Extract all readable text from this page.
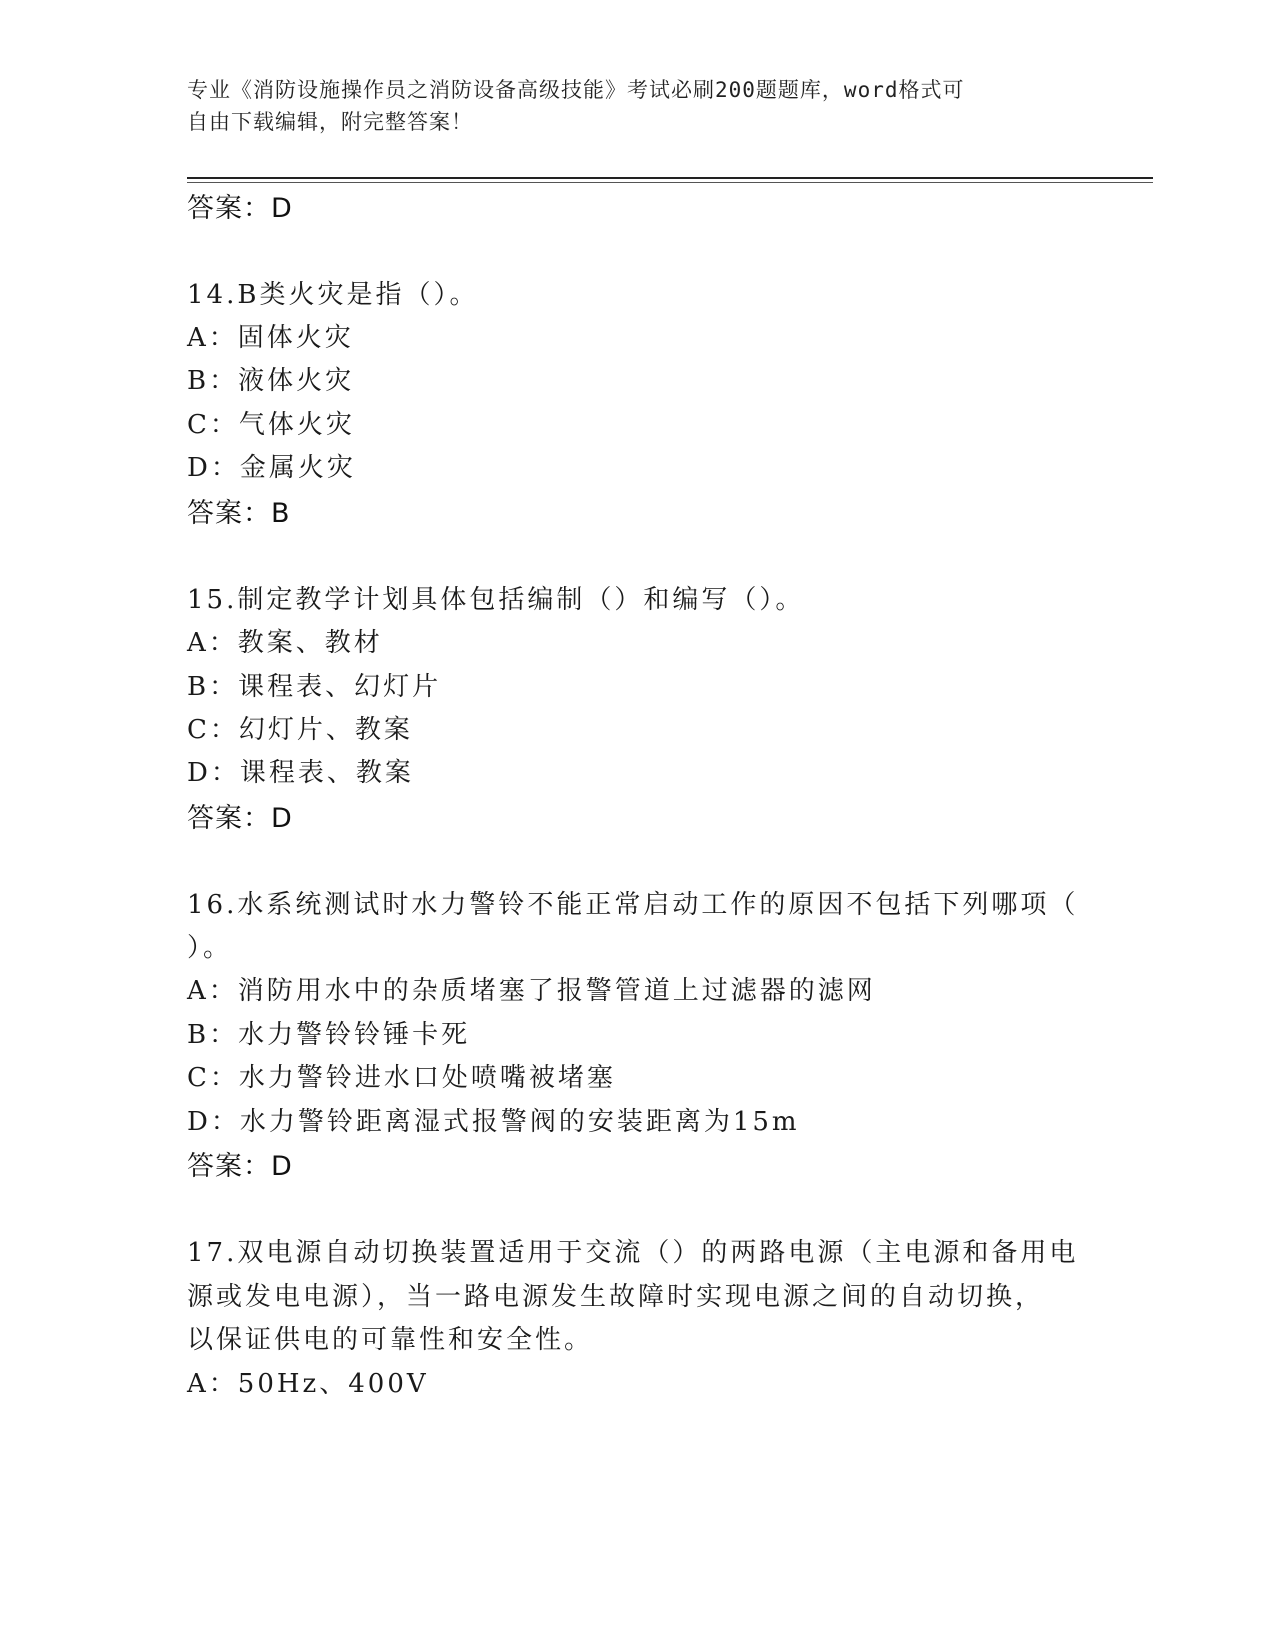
专业《消防设施操作员之消防设备高级技能》考试必刷200题题库，word格式可
自由下载编辑，附完整答案！
答案：D
14.B类火灾是指（）。
A：固体火灾
B：液体火灾
C：气体火灾
D：金属火灾
答案：B
15.制定教学计划具体包括编制（）和编写（）。
A：教案、教材
B：课程表、幻灯片
C：幻灯片、教案
D：课程表、教案
答案：D
16.水系统测试时水力警铃不能正常启动工作的原因不包括下列哪项（
）。
A：消防用水中的杂质堵塞了报警管道上过滤器的滤网
B：水力警铃铃锤卡死
C：水力警铃进水口处喷嘴被堵塞
D：水力警铃距离湿式报警阀的安装距离为15m
答案：D
17.双电源自动切换装置适用于交流（）的两路电源（主电源和备用电
源或发电电源），当一路电源发生故障时实现电源之间的自动切换，
以保证供电的可靠性和安全性。
A：50Hz、400V
